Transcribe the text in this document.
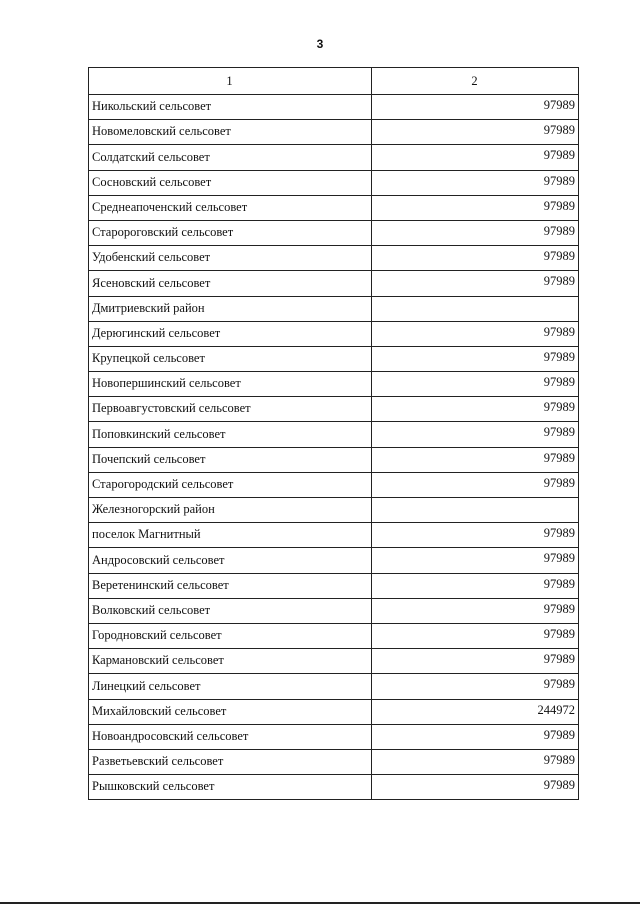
3
1	2
Никольский сельсовет	97989
Новомеловский сельсовет	97989
Солдатский сельсовет	97989
Сосновский сельсовет	97989
Среднеапоченский сельсовет	97989
Старороговский сельсовет	97989
Удобенский сельсовет	97989
Ясеновский сельсовет	97989
Дмитриевский район	
Дерюгинский сельсовет	97989
Крупецкой сельсовет	97989
Новопершинский сельсовет	97989
Первоавгустовский сельсовет	97989
Поповкинский сельсовет	97989
Почепский сельсовет	97989
Старогородский сельсовет	97989
Железногорский район	
поселок Магнитный	97989
Андросовский сельсовет	97989
Веретенинский сельсовет	97989
Волковский сельсовет	97989
Городновский сельсовет	97989
Кармановский сельсовет	97989
Линецкий сельсовет	97989
Михайловский сельсовет	244972
Новоандросовский сельсовет	97989
Разветьевский сельсовет	97989
Рышковский сельсовет	97989
